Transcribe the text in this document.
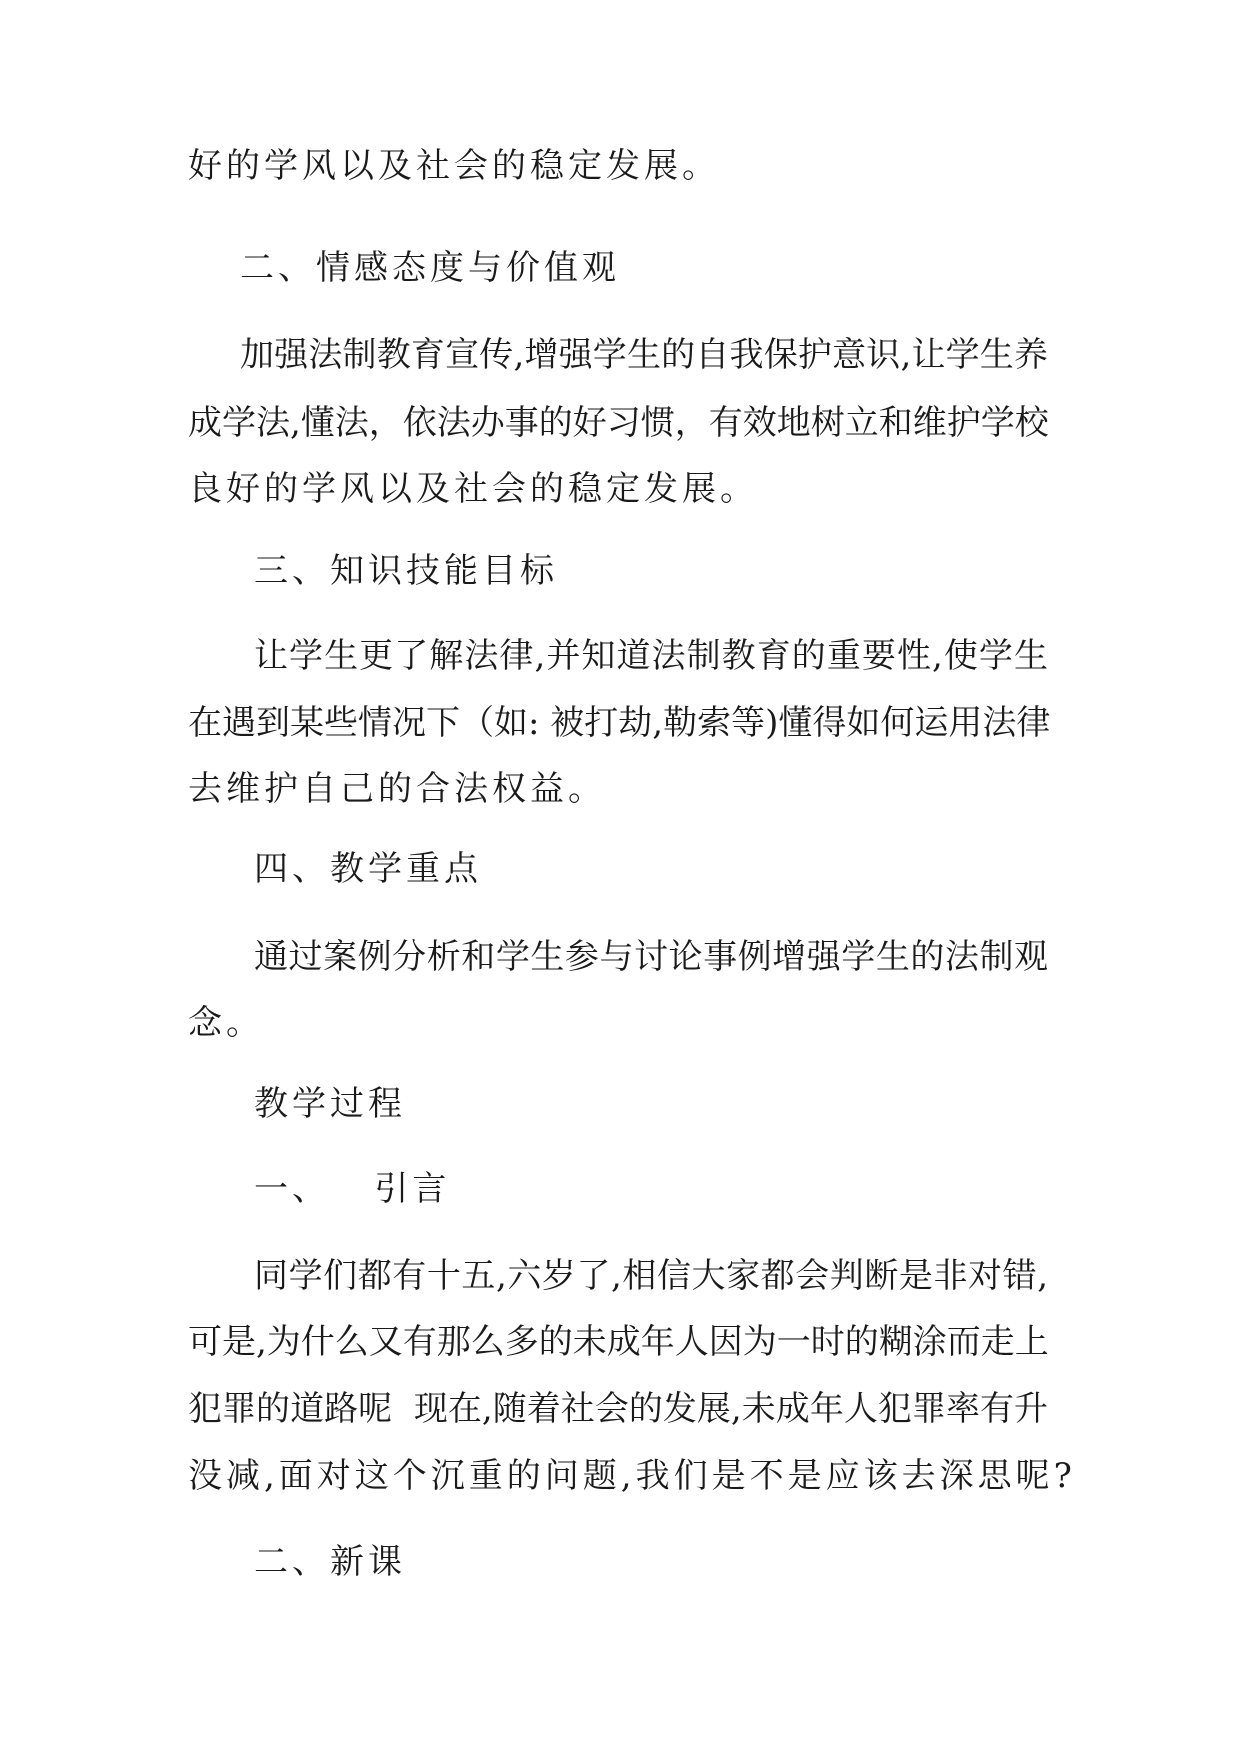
好的学风以及社会的稳定发展。
二、情感态度与价值观
加强法制教育宣传,增强学生的自我保护意识,让学生养
成学法,懂法，依法办事的好习惯，有效地树立和维护学校
良好的学风以及社会的稳定发展。
三、知识技能目标
让学生更了解法律,并知道法制教育的重要性,使学生
在遇到某些情况下（如: 被打劫,勒索等)懂得如何运用法律
去维护自己的合法权益。
四、教学重点
通过案例分析和学生参与讨论事例增强学生的法制观
念。
教学过程
一、   引言
同学们都有十五,六岁了,相信大家都会判断是非对错,
可是,为什么又有那么多的未成年人因为一时的糊涂而走上
犯罪的道路呢  现在,随着社会的发展,未成年人犯罪率有升
没减,面对这个沉重的问题,我们是不是应该去深思呢?
二、新课
